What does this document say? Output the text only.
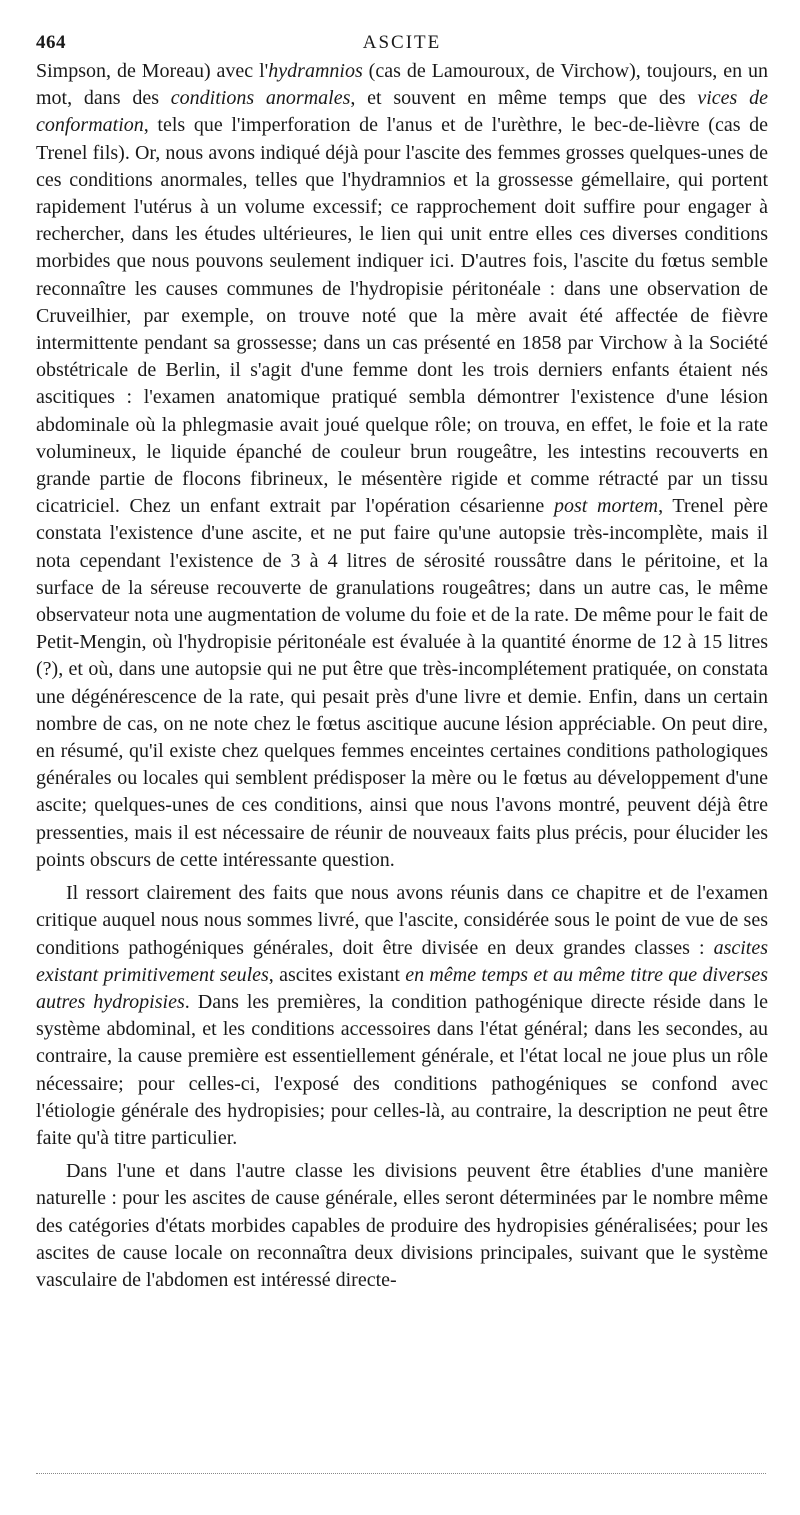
464	ASCITE

Simpson, de Moreau) avec l'hydramnios (cas de Lamouroux, de Virchow), toujours, en un mot, dans des conditions anormales, et souvent en même temps que des vices de conformation, tels que l'imperforation de l'anus et de l'urèthre, le bec-de-lièvre (cas de Trenel fils). Or, nous avons indiqué déjà pour l'ascite des femmes grosses quelques-unes de ces conditions anormales, telles que l'hydramnios et la grossesse gémellaire, qui portent rapidement l'utérus à un volume excessif; ce rapprochement doit suffire pour engager à rechercher, dans les études ultérieures, le lien qui unit entre elles ces diverses conditions morbides que nous pouvons seulement indiquer ici. D'autres fois, l'ascite du fœtus semble reconnaître les causes communes de l'hydropisie péritonéale : dans une observation de Cruveilhier, par exemple, on trouve noté que la mère avait été affectée de fièvre intermittente pendant sa grossesse; dans un cas présenté en 1858 par Virchow à la Société obstétricale de Berlin, il s'agit d'une femme dont les trois derniers enfants étaient nés ascitiques : l'examen anatomique pratiqué sembla démontrer l'existence d'une lésion abdominale où la phlegmasie avait joué quelque rôle; on trouva, en effet, le foie et la rate volumineux, le liquide épanché de couleur brun rougeâtre, les intestins recouverts en grande partie de flocons fibrineux, le mésentère rigide et comme rétracté par un tissu cicatriciel. Chez un enfant extrait par l'opération césarienne post mortem, Trenel père constata l'existence d'une ascite, et ne put faire qu'une autopsie très-incomplète, mais il nota cependant l'existence de 3 à 4 litres de sérosité roussâtre dans le péritoine, et la surface de la séreuse recouverte de granulations rougeâtres; dans un autre cas, le même observateur nota une augmentation de volume du foie et de la rate. De même pour le fait de Petit-Mengin, où l'hydropisie péritonéale est évaluée à la quantité énorme de 12 à 15 litres (?), et où, dans une autopsie qui ne put être que très-incomplétement pratiquée, on constata une dégénérescence de la rate, qui pesait près d'une livre et demie. Enfin, dans un certain nombre de cas, on ne note chez le fœtus ascitique aucune lésion appréciable. On peut dire, en résumé, qu'il existe chez quelques femmes enceintes certaines conditions pathologiques générales ou locales qui semblent prédisposer la mère ou le fœtus au développement d'une ascite; quelques-unes de ces conditions, ainsi que nous l'avons montré, peuvent déjà être pressenties, mais il est nécessaire de réunir de nouveaux faits plus précis, pour élucider les points obscurs de cette intéressante question.

Il ressort clairement des faits que nous avons réunis dans ce chapitre et de l'examen critique auquel nous nous sommes livré, que l'ascite, considérée sous le point de vue de ses conditions pathogéniques générales, doit être divisée en deux grandes classes : ascites existant primitivement seules, ascites existant en même temps et au même titre que diverses autres hydropisies. Dans les premières, la condition pathogénique directe réside dans le système abdominal, et les conditions accessoires dans l'état général; dans les secondes, au contraire, la cause première est essentiellement générale, et l'état local ne joue plus un rôle nécessaire; pour celles-ci, l'exposé des conditions pathogéniques se confond avec l'étiologie générale des hydropisies; pour celles-là, au contraire, la description ne peut être faite qu'à titre particulier.

Dans l'une et dans l'autre classe les divisions peuvent être établies d'une manière naturelle : pour les ascites de cause générale, elles seront déterminées par le nombre même des catégories d'états morbides capables de produire des hydropisies généralisées; pour les ascites de cause locale on reconnaîtra deux divisions principales, suivant que le système vasculaire de l'abdomen est intéressé directe-
